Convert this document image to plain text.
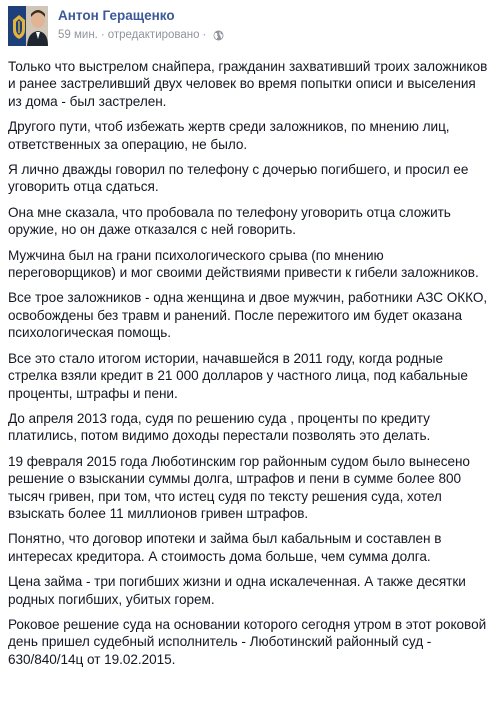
Антон Геращенко
59 мин. · отредактировано ·

Только что выстрелом снайпера, гражданин захвативший троих заложников и ранее застреливший двух человек во время попытки описи и выселения из дома - был застрелен.

Другого пути, чтоб избежать жертв среди заложников, по мнению лиц, ответственных за операцию, не было.

Я лично дважды говорил по телефону с дочерью погибшего, и просил ее уговорить отца сдаться.

Она мне сказала, что пробовала по телефону уговорить отца сложить оружие, но он даже отказался с ней говорить.

Мужчина был на грани психологического срыва (по мнению переговорщиков) и мог своими действиями привести к гибели заложников.

Все трое заложников - одна женщина и двое мужчин, работники АЗС ОККО, освобождены без травм и ранений. После пережитого им будет оказана психологическая помощь.

Все это стало итогом истории, начавшейся в 2011 году, когда родные стрелка взяли кредит в 21 000 долларов у частного лица, под кабальные проценты, штрафы и пени.

До апреля 2013 года, судя по решению суда , проценты по кредиту платились, потом видимо доходы перестали позволять это делать.

19 февраля 2015 года Люботинским гор районным судом было вынесено решение о взыскании суммы долга, штрафов и пени в сумме более 800 тысяч гривен, при том, что истец судя по тексту решения суда, хотел взыскать более 11 миллионов гривен штрафов.

Понятно, что договор ипотеки и займа был кабальным и составлен в интересах кредитора. А стоимость дома больше, чем сумма долга.

Цена займа - три погибших жизни и одна искалеченная. А также десятки родных погибших, убитых горем.

Роковое решение суда на основании которого сегодня утром в этот роковой день пришел судебный исполнитель - Люботинский районный суд - 630/840/14ц от 19.02.2015.
